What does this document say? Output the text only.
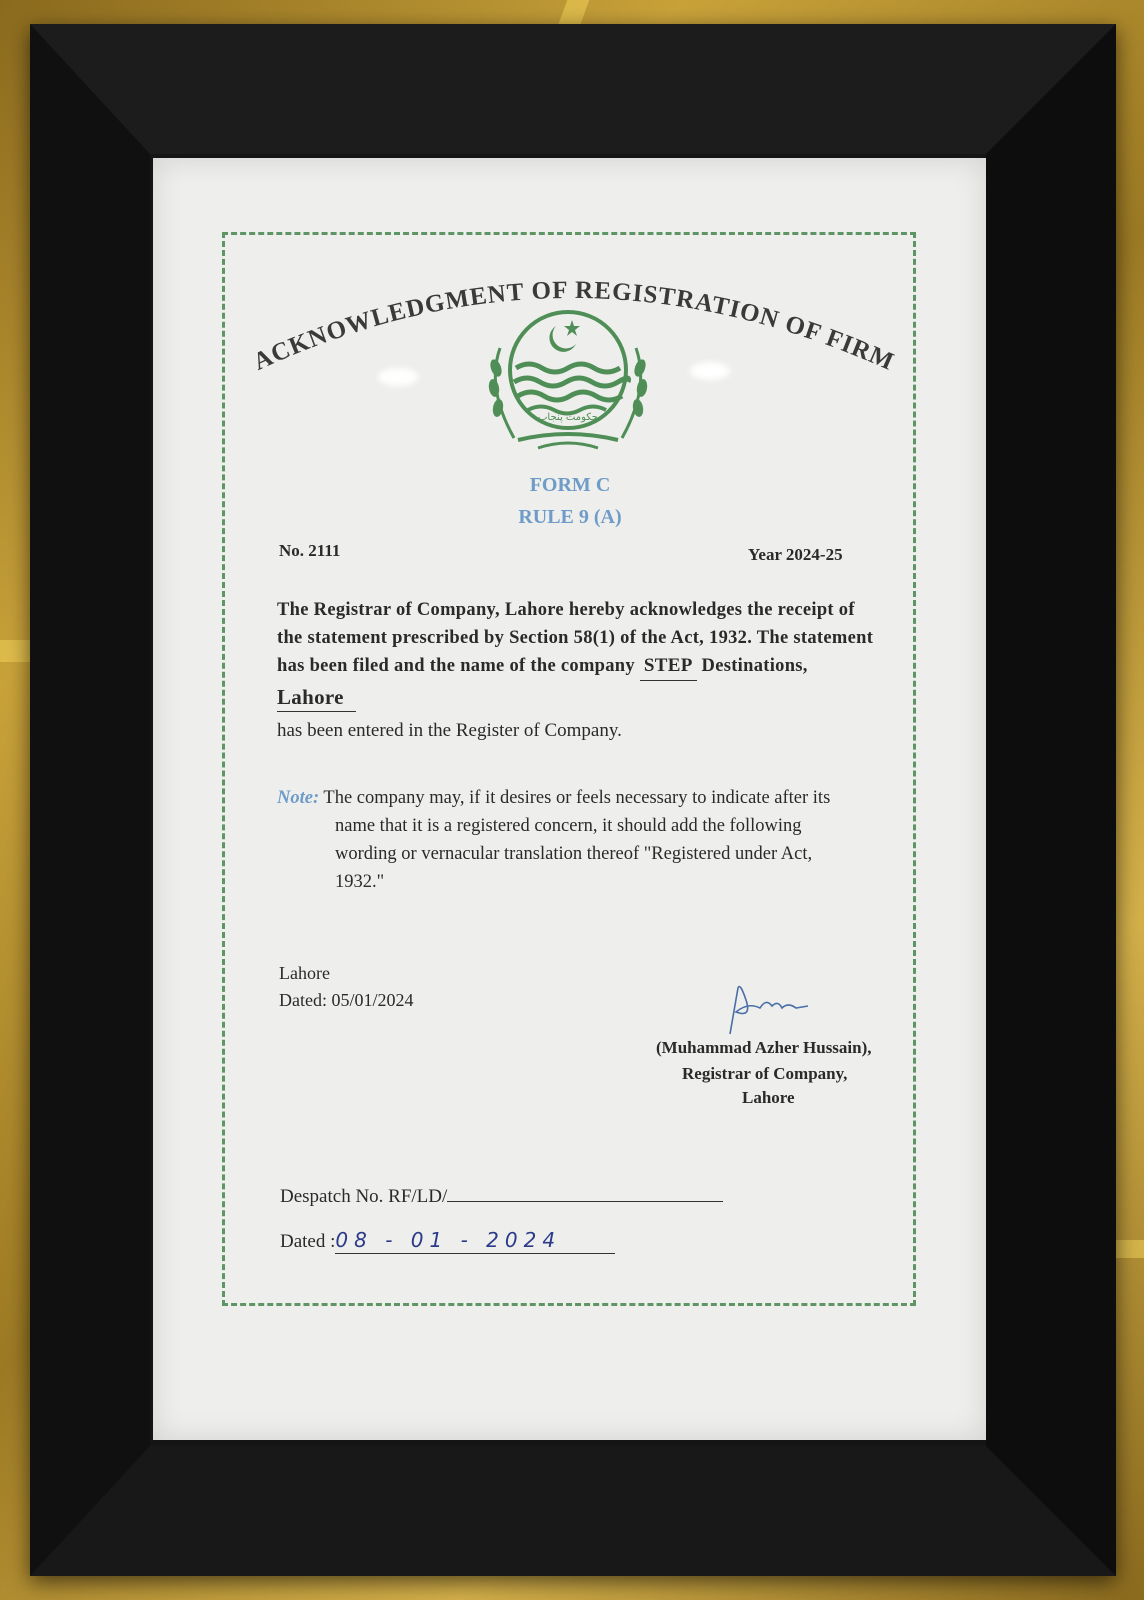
ACKNOWLEDGMENT OF REGISTRATION OF FIRM
حکومت پنجاب
FORM C
RULE 9 (A)
No. 2111	Year 2024-25
The Registrar of Company, Lahore hereby acknowledges the receipt of
the statement prescribed by Section 58(1) of the Act, 1932. The statement
has been filed and the name of the company STEP Destinations,
Lahore
has been entered in the Register of Company.
Note: The company may, if it desires or feels necessary to indicate after its
name that it is a registered concern, it should add the following
wording or vernacular translation thereof "Registered under Act,
1932."
Lahore
Dated: 05/01/2024
(Muhammad Azher Hussain),
Registrar of Company,
Lahore
Despatch No. RF/LD/
Dated :08 - 01 - 2024
